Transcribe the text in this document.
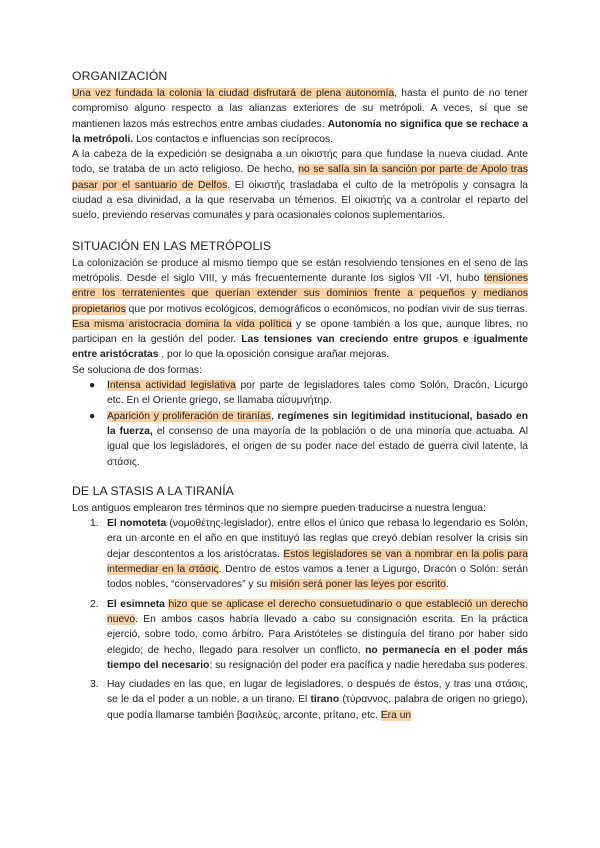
ORGANIZACIÓN

Una vez fundada la colonia la ciudad disfrutará de plena autonomía, hasta el punto de no tener compromiso alguno respecto a las alianzas exteriores de su metrópoli. A veces, sí que se mantienen lazos más estrechos entre ambas ciudades. Autonomía no significa que se rechace a la metrópoli. Los contactos e influencias son recíprocos.

A la cabeza de la expedición se designaba a un οἰκιστής para que fundase la nueva ciudad. Ante todo, se trataba de un acto religioso. De hecho, no se salía sin la sanción por parte de Apolo tras pasar por el santuario de Delfos. El οἰκιστής trasladaba el culto de la metrópolis y consagra la ciudad a esa divinidad, a la que reservaba un témenos. El οἰκιστής va a controlar el reparto del suelo, previendo reservas comunales y para ocasionales colonos suplementarios.

SITUACIÓN EN LAS METRÓPOLIS

La colonización se produce al mismo tiempo que se están resolviendo tensiones en el seno de las metrópolis. Desde el siglo VIII, y más frecuentemente durante los siglos VII -VI, hubo tensiones entre los terratenientes que querían extender sus dominios frente a pequeños y medianos propietarios que por motivos ecológicos, demográficos o económicos, no podían vivir de sus tierras.

Esa misma aristocracia domina la vida política y se opone también a los que, aunque libres, no participan en la gestión del poder. Las tensiones van creciendo entre grupos e igualmente entre aristócratas , por lo que la oposición consigue arañar mejoras.

Se soluciona de dos formas:

● Intensa actividad legislativa por parte de legisladores tales como Solón, Dracón, Licurgo etc. En el Oriente griego, se llamaba αἰσυμνήτηρ.
● Aparición y proliferación de tiranías, regímenes sin legitimidad institucional, basado en la fuerza, el consenso de una mayoría de la población o de una minoría que actuaba. Al igual que los legisladores, el origen de su poder nace del estado de guerra civil latente, la στάσις.
DE LA STASIS A LA TIRANÍA

Los antiguos emplearon tres términos que no siempre pueden traducirse a nuestra lengua:

1. El nomoteta (νομοθέτης-legislador), entre ellos el único que rebasa lo legendario es Solón, era un arconte en el año en que instituyó las reglas que creyó debían resolver la crisis sin dejar descontentos a los aristócratas. Estos legisladores se van a nombrar en la polis para intermediar en la στάσις. Dentro de estos vamos a tener a Ligurgo, Dracón o Solón: serán todos nobles, “conservadores” y su misión será poner las leyes por escrito.
2. El esimneta hizo que se aplicase el derecho consuetudinario o que estableció un derecho nuevo. En ambos casos habría llevado a cabo su consignación escrita. En la práctica ejerció, sobre todo, como árbitro. Para Aristóteles se distinguía del tirano por haber sido elegido; de hecho, llegado para resolver un conflicto, no permanecía en el poder más tiempo del necesario; su resignación del poder era pacífica y nadie heredaba sus poderes.
3. Hay ciudades en las que, en lugar de legisladores, o después de éstos, y tras una στάσις, se le da el poder a un noble, a un tirano. El tirano (τύραννος, palabra de origen no griego), que podía llamarse también βασιλεύς, arconte, prítano, etc. Era un
